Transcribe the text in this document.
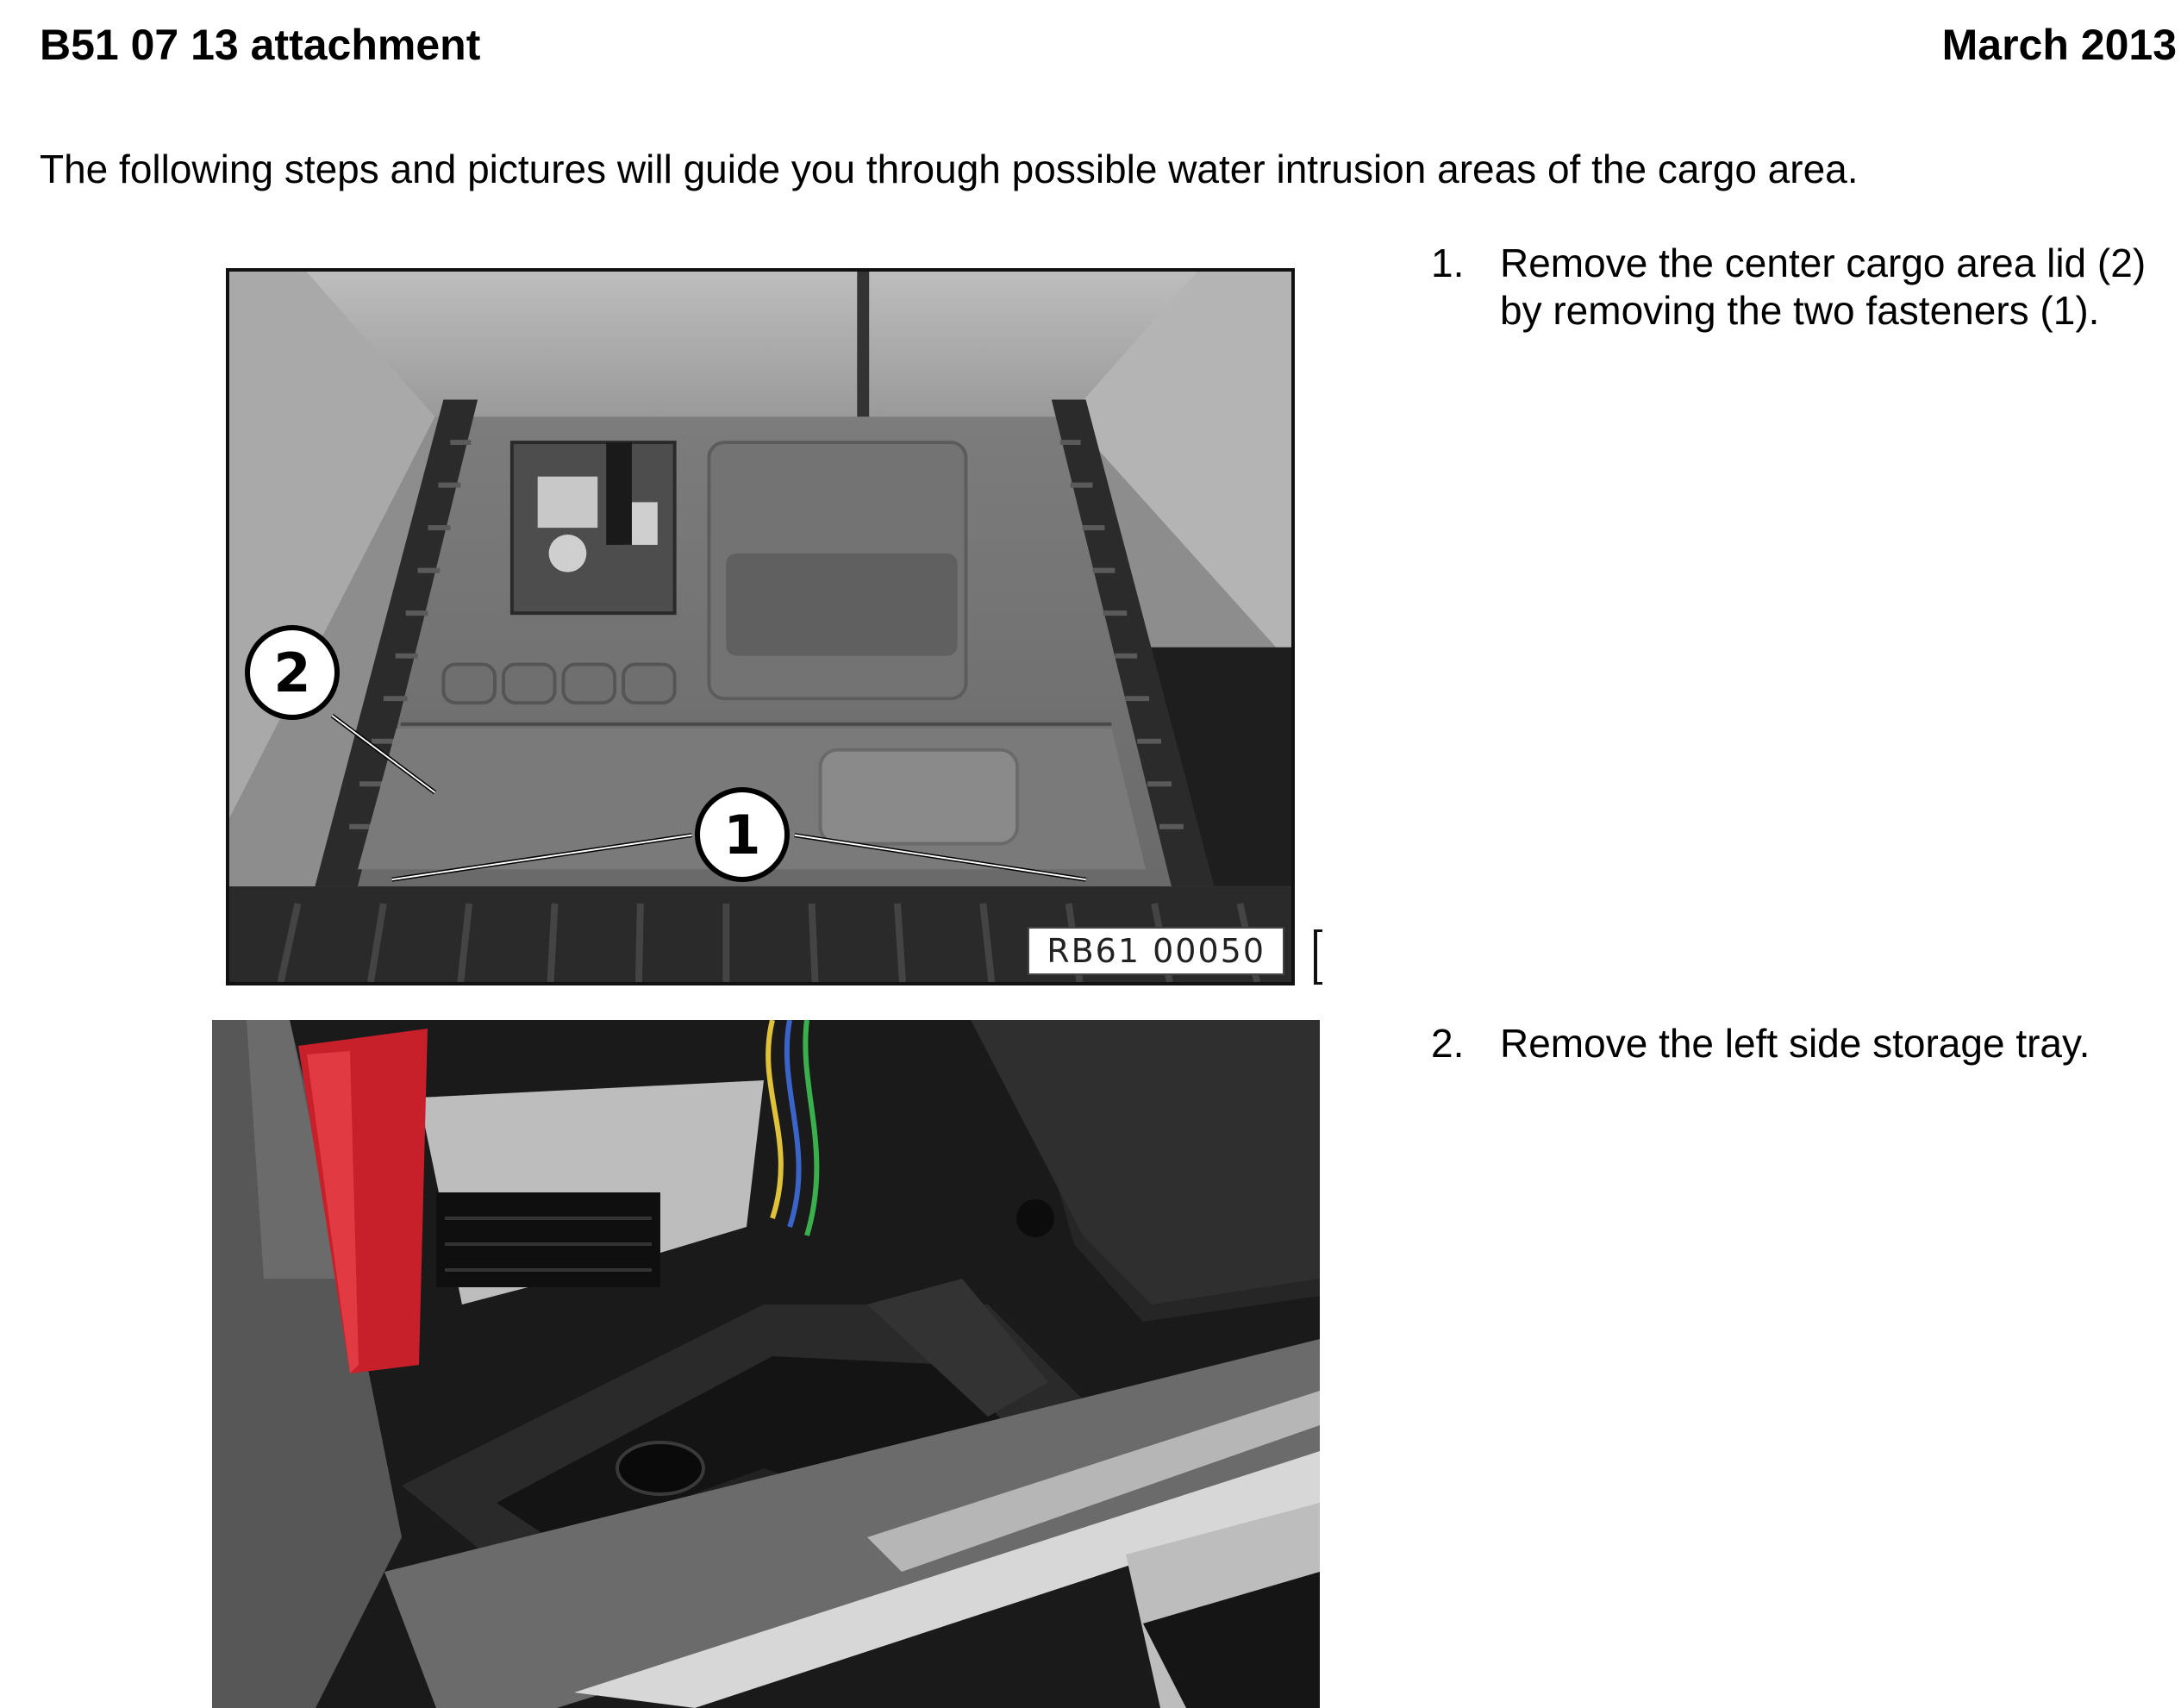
B51 07 13 attachment	March 2013
The following steps and pictures will guide you through possible water intrusion areas of the cargo area.
2
1
RB61 00050
1. Remove the center cargo area lid (2) by removing the two fasteners (1).
2. Remove the left side storage tray.
